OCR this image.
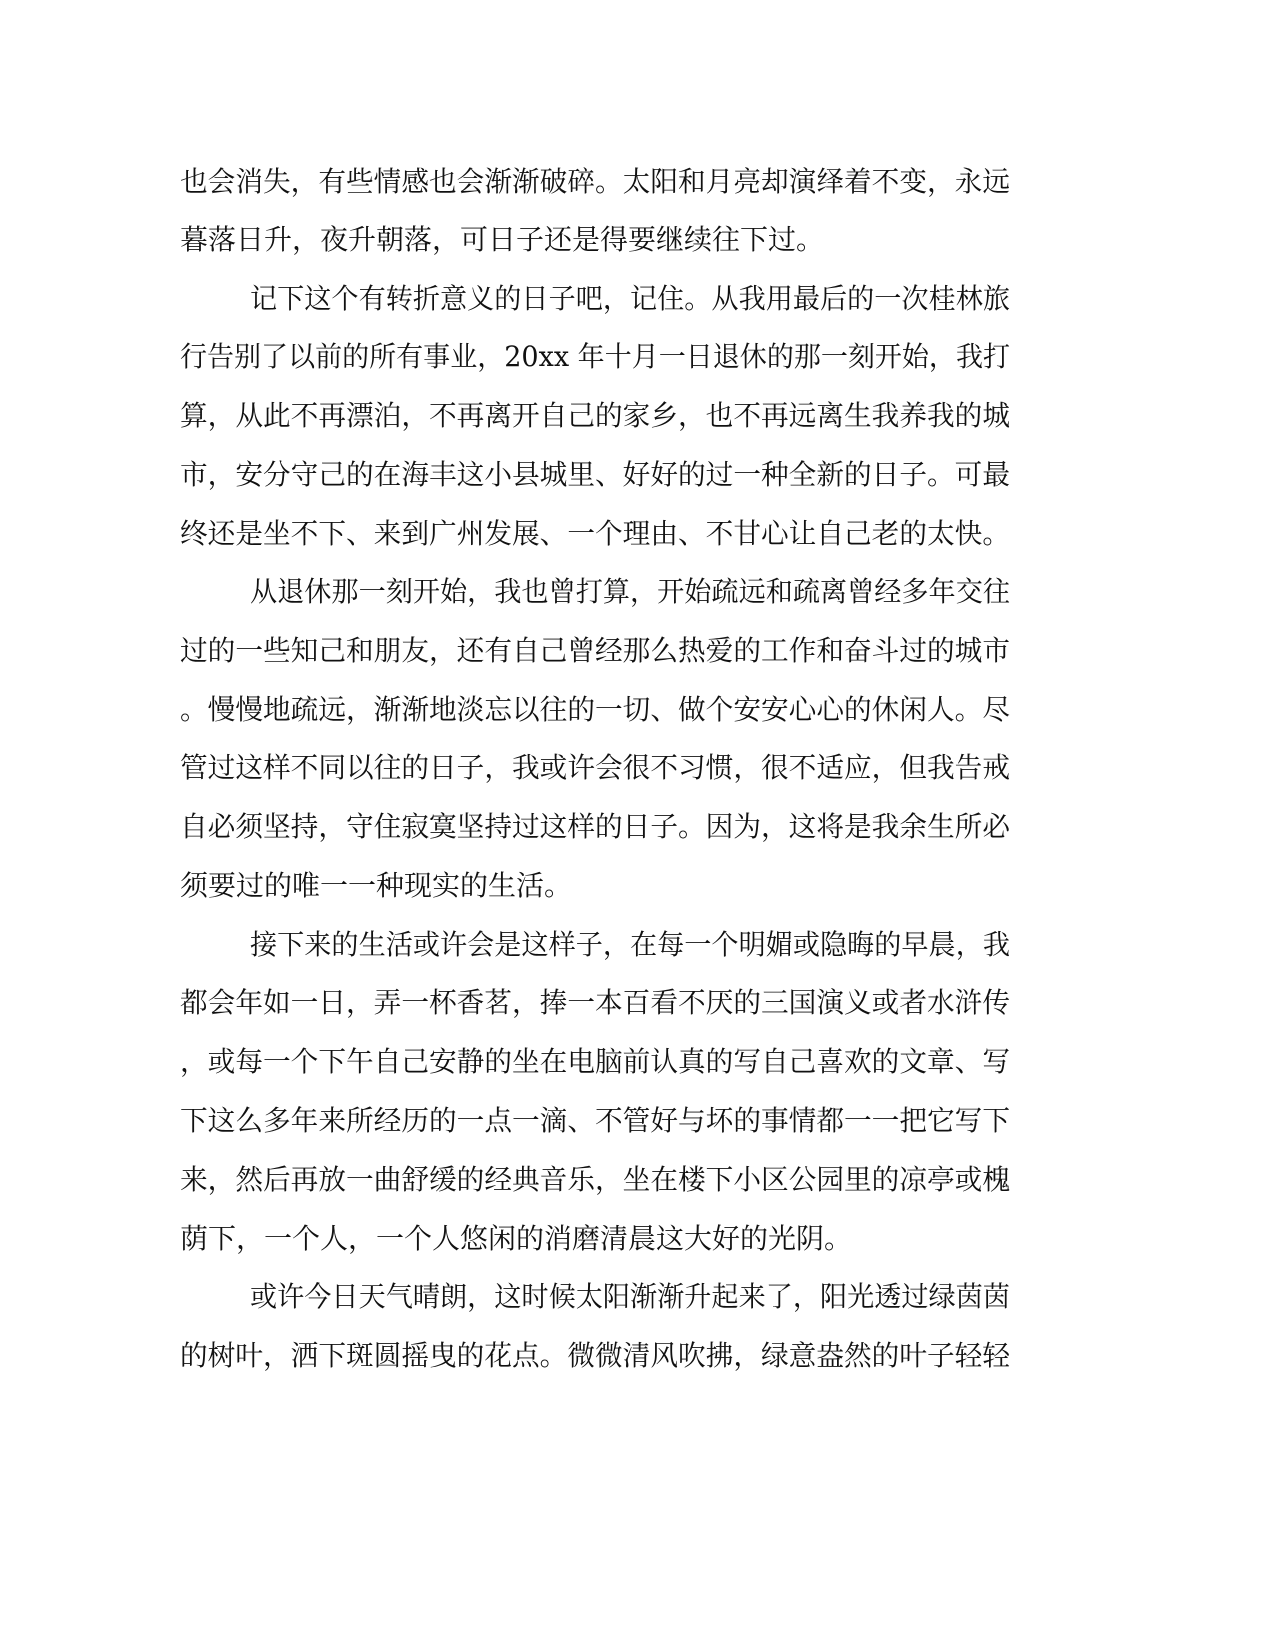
也会消失，有些情感也会渐渐破碎。太阳和月亮却演绎着不变，永远
暮落日升，夜升朝落，可日子还是得要继续往下过。
记下这个有转折意义的日子吧，记住。从我用最后的一次桂林旅
行告别了以前的所有事业，20xx 年十月一日退休的那一刻开始，我打
算，从此不再漂泊，不再离开自己的家乡，也不再远离生我养我的城
市，安分守己的在海丰这小县城里、好好的过一种全新的日子。可最
终还是坐不下、来到广州发展、一个理由、不甘心让自己老的太快。
从退休那一刻开始，我也曾打算，开始疏远和疏离曾经多年交往
过的一些知己和朋友，还有自己曾经那么热爱的工作和奋斗过的城市
。慢慢地疏远，渐渐地淡忘以往的一切、做个安安心心的休闲人。尽
管过这样不同以往的日子，我或许会很不习惯，很不适应，但我告戒
自必须坚持，守住寂寞坚持过这样的日子。因为，这将是我余生所必
须要过的唯一一种现实的生活。
接下来的生活或许会是这样子，在每一个明媚或隐晦的早晨，我
都会年如一日，弄一杯香茗，捧一本百看不厌的三国演义或者水浒传
，或每一个下午自己安静的坐在电脑前认真的写自己喜欢的文章、写
下这么多年来所经历的一点一滴、不管好与坏的事情都一一把它写下
来，然后再放一曲舒缓的经典音乐，坐在楼下小区公园里的凉亭或槐
荫下，一个人，一个人悠闲的消磨清晨这大好的光阴。
或许今日天气晴朗，这时候太阳渐渐升起来了，阳光透过绿茵茵
的树叶，洒下斑圆摇曳的花点。微微清风吹拂，绿意盎然的叶子轻轻
